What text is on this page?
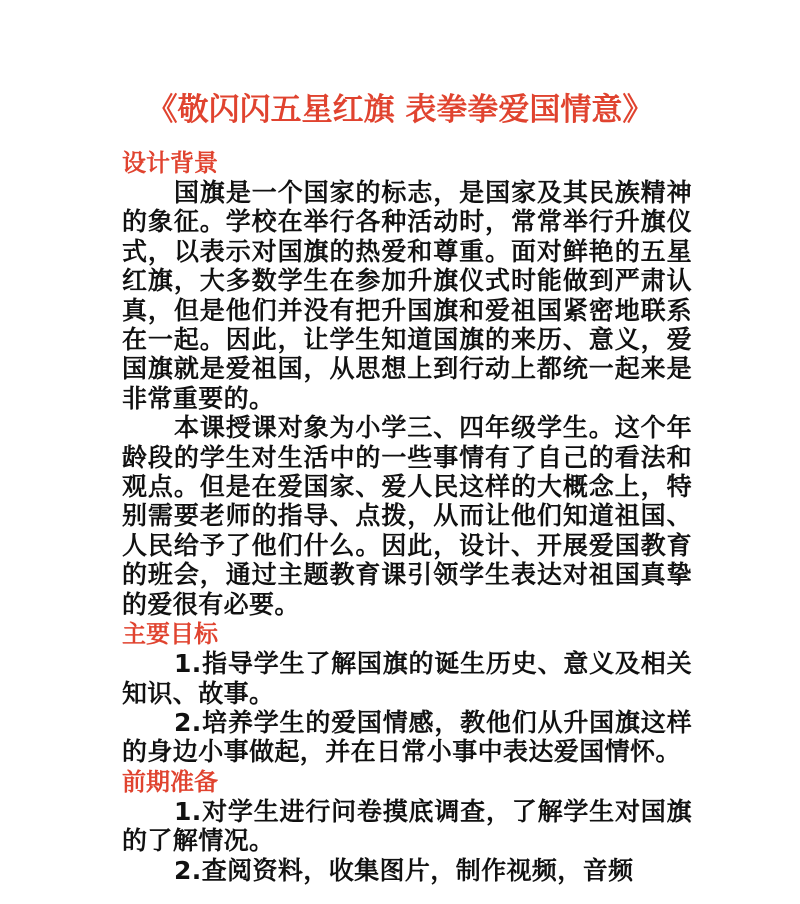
《敬闪闪五星红旗 表拳拳爱国情意》
设计背景

国旗是一个国家的标志，是国家及其民族精神的象征。学校在举行各种活动时，常常举行升旗仪式，以表示对国旗的热爱和尊重。面对鲜艳的五星红旗，大多数学生在参加升旗仪式时能做到严肃认真，但是他们并没有把升国旗和爱祖国紧密地联系在一起。因此，让学生知道国旗的来历、意义，爱国旗就是爱祖国，从思想上到行动上都统一起来是非常重要的。

本课授课对象为小学三、四年级学生。这个年龄段的学生对生活中的一些事情有了自己的看法和观点。但是在爱国家、爱人民这样的大概念上，特别需要老师的指导、点拨，从而让他们知道祖国、人民给予了他们什么。因此，设计、开展爱国教育的班会，通过主题教育课引领学生表达对祖国真挚的爱很有必要。

主要目标

1.指导学生了解国旗的诞生历史、意义及相关知识、故事。

2.培养学生的爱国情感，教他们从升国旗这样的身边小事做起，并在日常小事中表达爱国情怀。

前期准备

1.对学生进行问卷摸底调查，了解学生对国旗的了解情况。

2.查阅资料，收集图片，制作视频，音频
